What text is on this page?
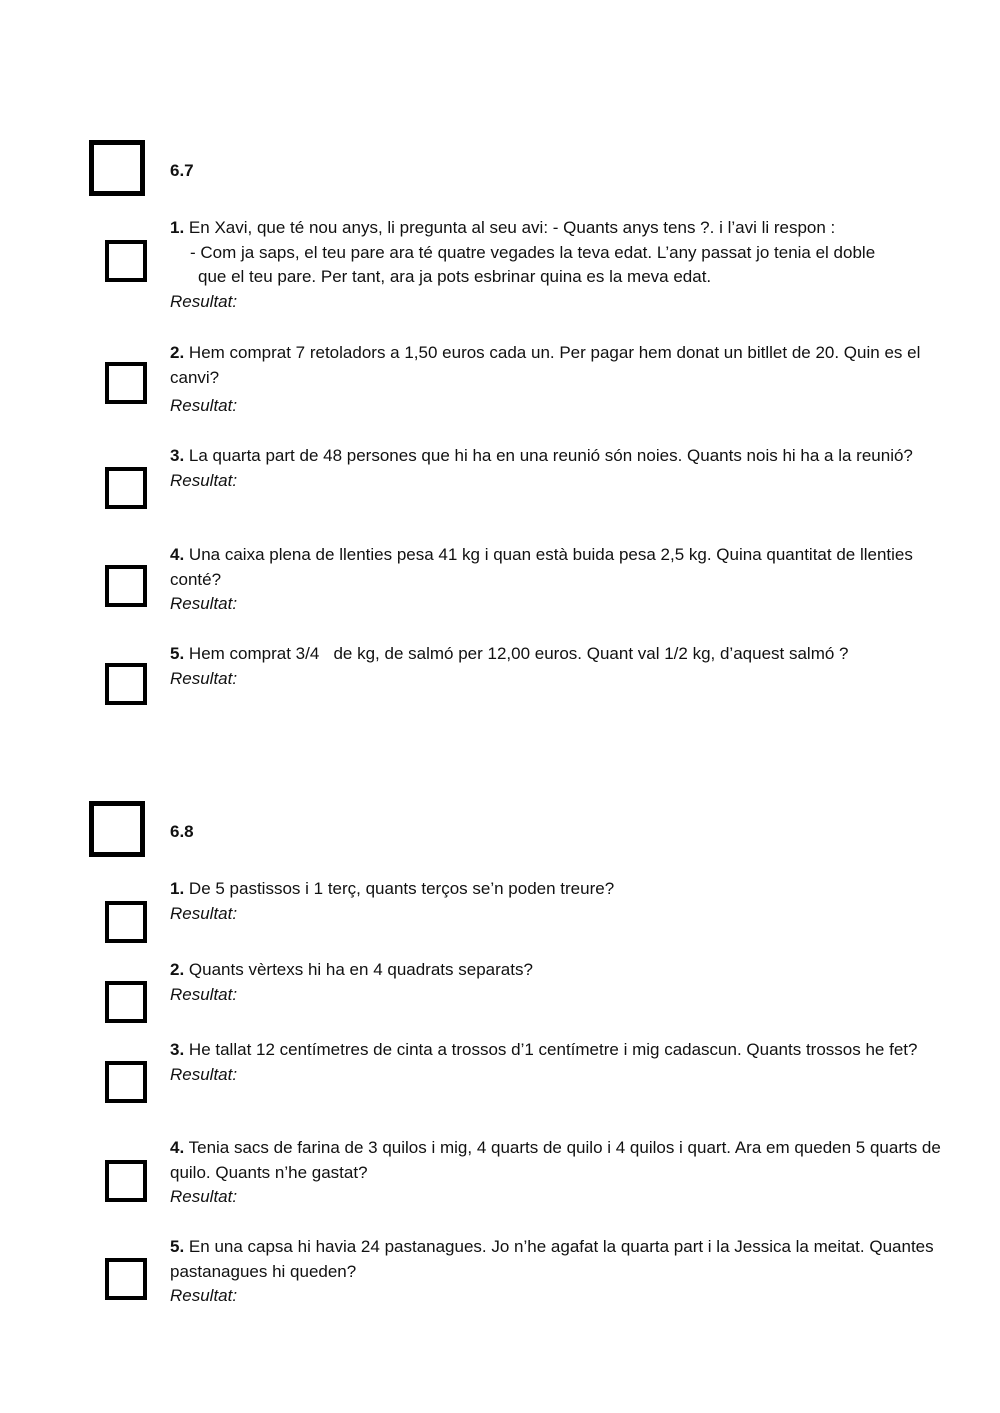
6.7
1. En Xavi, que té nou anys, li pregunta al seu avi: - Quants anys tens ?. i l’avi li respon :
- Com ja saps, el teu pare ara té quatre vegades la teva edat. L’any passat jo tenia el doble
que el teu pare. Per tant, ara ja pots esbrinar quina es la meva edat.
Resultat:
2. Hem comprat 7 retoladors a 1,50 euros cada un. Per pagar hem donat un bitllet de 20. Quin es el canvi?
Resultat:
3. La quarta part de 48 persones que hi ha en una reunió són noies. Quants nois hi ha a la reunió?
Resultat:
4. Una caixa plena de llenties pesa 41 kg i quan està buida pesa 2,5 kg. Quina quantitat de llenties conté?
Resultat:
5. Hem comprat 3/4   de kg, de salmó per 12,00 euros. Quant val 1/2 kg, d’aquest salmó ?
Resultat:
6.8
1. De 5 pastissos i 1 terç, quants terços se’n poden treure?
Resultat:
2. Quants vèrtexs hi ha en 4 quadrats separats?
Resultat:
3. He tallat 12 centímetres de cinta a trossos d’1 centímetre i mig cadascun. Quants trossos he fet?
Resultat:
4. Tenia sacs de farina de 3 quilos i mig, 4 quarts de quilo i 4 quilos i quart. Ara em queden 5 quarts de quilo. Quants n’he gastat?
Resultat:
5. En una capsa hi havia 24 pastanagues. Jo n’he agafat la quarta part i la Jessica la meitat. Quantes pastanagues hi queden?
Resultat:
